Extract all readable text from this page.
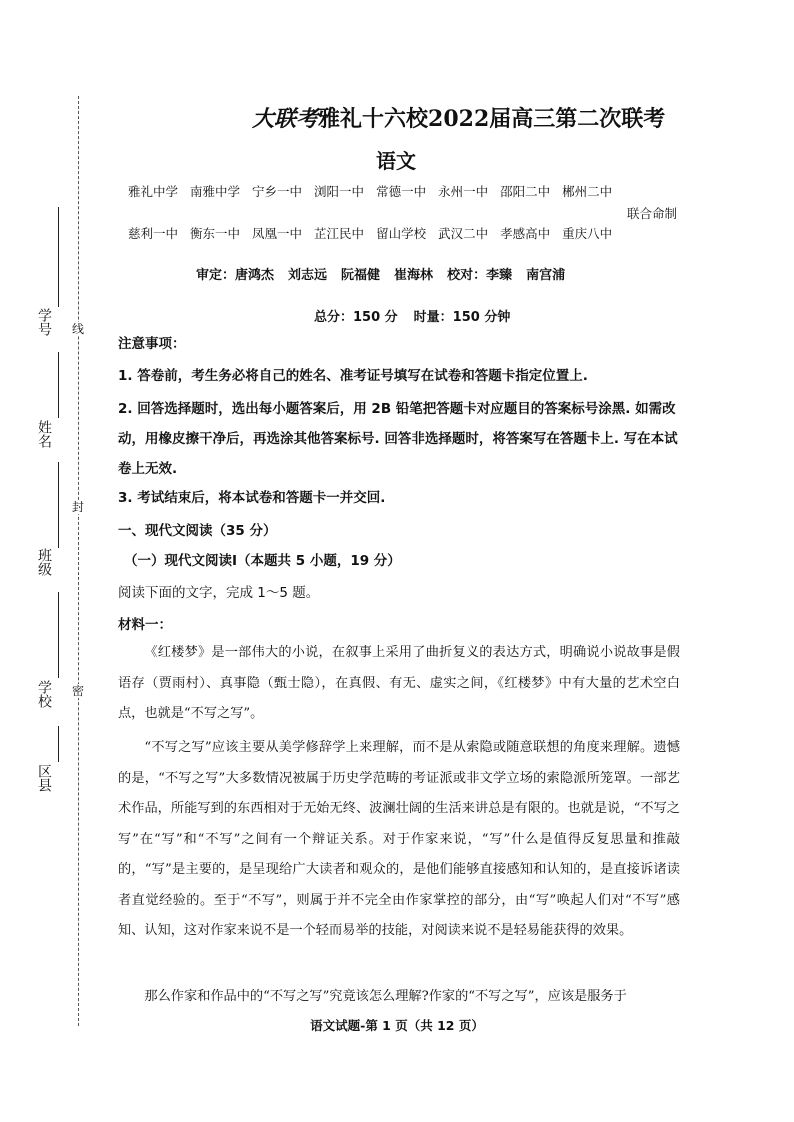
线
封
密
学号
姓名
班级
学校
区县
大联考雅礼十六校2022届高三第二次联考
语文
雅礼中学 南雅中学 宁乡一中 浏阳一中 常德一中 永州一中 邵阳二中 郴州二中
联合命制
慈利一中 衡东一中 凤凰一中 芷江民中 留山学校 武汉二中 孝感高中 重庆八中
审定：唐鸿杰 刘志远 阮福健 崔海林 校对：李臻 南宫浦
总分：150 分 时量：150 分钟
注意事项：
1. 答卷前，考生务必将自己的姓名、准考证号填写在试卷和答题卡指定位置上.
2. 回答选择题时，选出每小题答案后，用 2B 铅笔把答题卡对应题目的答案标号涂黑. 如需改动，用橡皮擦干净后，再选涂其他答案标号. 回答非选择题时，将答案写在答题卡上. 写在本试卷上无效.
3. 考试结束后，将本试卷和答题卡一并交回.
一、现代文阅读（35 分）
（一）现代文阅读Ⅰ（本题共 5 小题，19 分）
阅读下面的文字，完成 1～5 题。
材料一：
《红楼梦》是一部伟大的小说，在叙事上采用了曲折复义的表达方式，明确说小说故事是假语存（贾雨村）、真事隐（甄士隐），在真假、有无、虚实之间，《红楼梦》中有大量的艺术空白点，也就是“不写之写”。
“不写之写”应该主要从美学修辞学上来理解，而不是从索隐或随意联想的角度来理解。遗憾的是，“不写之写”大多数情况被属于历史学范畴的考证派或非文学立场的索隐派所笼罩。一部艺术作品，所能写到的东西相对于无始无终、波澜壮阔的生活来讲总是有限的。也就是说，“不写之写”在“写”和“不写”之间有一个辩证关系。对于作家来说，“写”什么是值得反复思量和推敲的，“写”是主要的，是呈现给广大读者和观众的，是他们能够直接感知和认知的，是直接诉诸读者直觉经验的。至于“不写”，则属于并不完全由作家掌控的部分，由“写”唤起人们对“不写”感知、认知，这对作家来说不是一个轻而易举的技能，对阅读来说不是轻易能获得的效果。
那么作家和作品中的“不写之写”究竟该怎么理解?作家的“不写之写”，应该是服务于
语文试题-第 1 页（共 12 页）
